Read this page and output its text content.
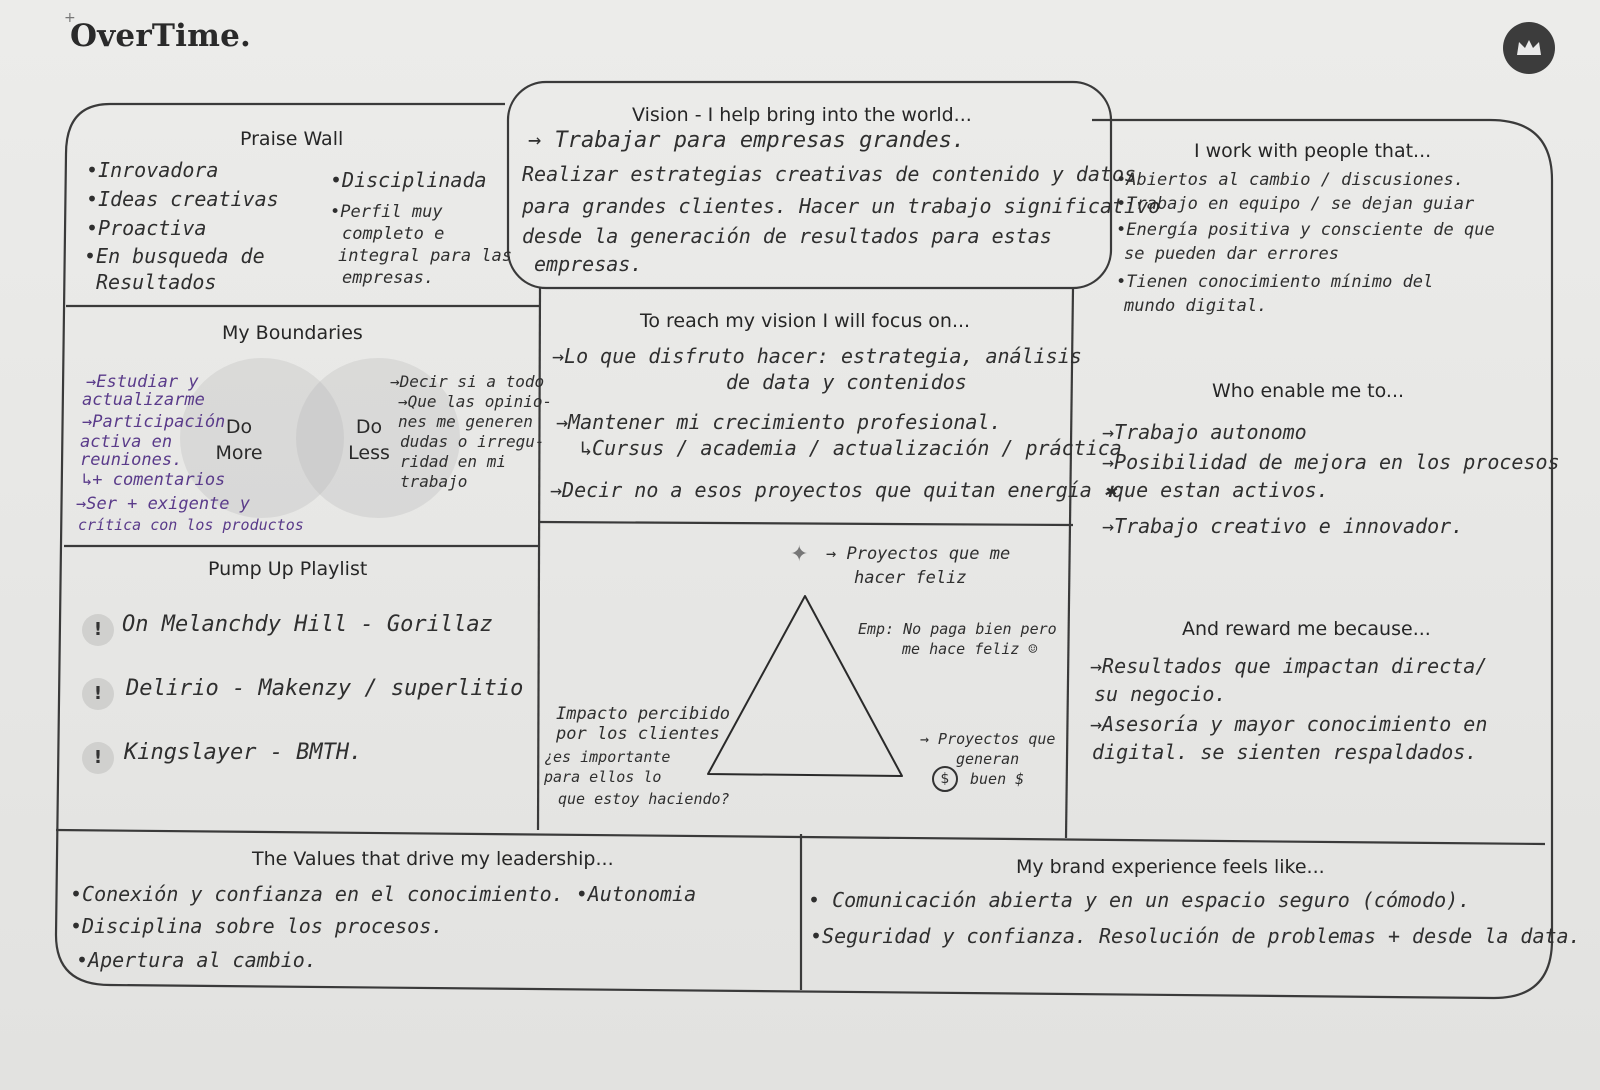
+
OverTime.
Praise Wall
•Inrovadora
•Ideas creativas
•Proactiva
•En busqueda de
Resultados
•Disciplinada
•Perfil muy
completo e
integral para las
empresas.
Vision - I help bring into the world...
→ Trabajar para empresas grandes.
Realizar estrategias creativas de contenido y datos
para grandes clientes. Hacer un trabajo significativo
desde la generación de resultados para estas
empresas.
I work with people that...
•Abiertos al cambio / discusiones.
•Trabajo en equipo / se dejan guiar
•Energía positiva y consciente de que
se pueden dar errores
•Tienen conocimiento mínimo del
mundo digital.
My Boundaries
Do
More
Do
Less
→Estudiar y
actualizarme
→Participación
activa en
reuniones.
↳+ comentarios
→Ser + exigente y
crítica con los productos
→Decir si a todo
→Que las opinio-
nes me generen
dudas o irregu-
ridad en mi
trabajo
To reach my vision I will focus on...
→Lo que disfruto hacer: estrategia, análisis
de data y contenidos
→Mantener mi crecimiento profesional.
↳Cursus / academia / actualización / práctica
→Decir no a esos proyectos que quitan energía ✱
Who enable me to...
→Trabajo autonomo
→Posibilidad de mejora en los procesos
que estan activos.
→Trabajo creativo e innovador.
Pump Up Playlist
! On Melanchdy Hill - Gorillaz
!	Delirio - Makenzy / superlitio
! Kingslayer - BMTH.
✦ → Proyectos que me
hacer feliz
Emp: No paga bien pero
me hace feliz ☺
Impacto percibido
por los clientes
¿es importante
para ellos lo
que estoy haciendo?
→ Proyectos que
generan
buen $
$
And reward me because...
→Resultados que impactan directa/
su negocio.
→Asesoría y mayor conocimiento en
digital. se sienten respaldados.
The Values that drive my leadership...
•Conexión y confianza en el conocimiento. •Autonomia
•Disciplina sobre los procesos.
•Apertura al cambio.
My brand experience feels like...
• Comunicación abierta y en un espacio seguro (cómodo).
•Seguridad y confianza. Resolución de problemas + desde la data.
